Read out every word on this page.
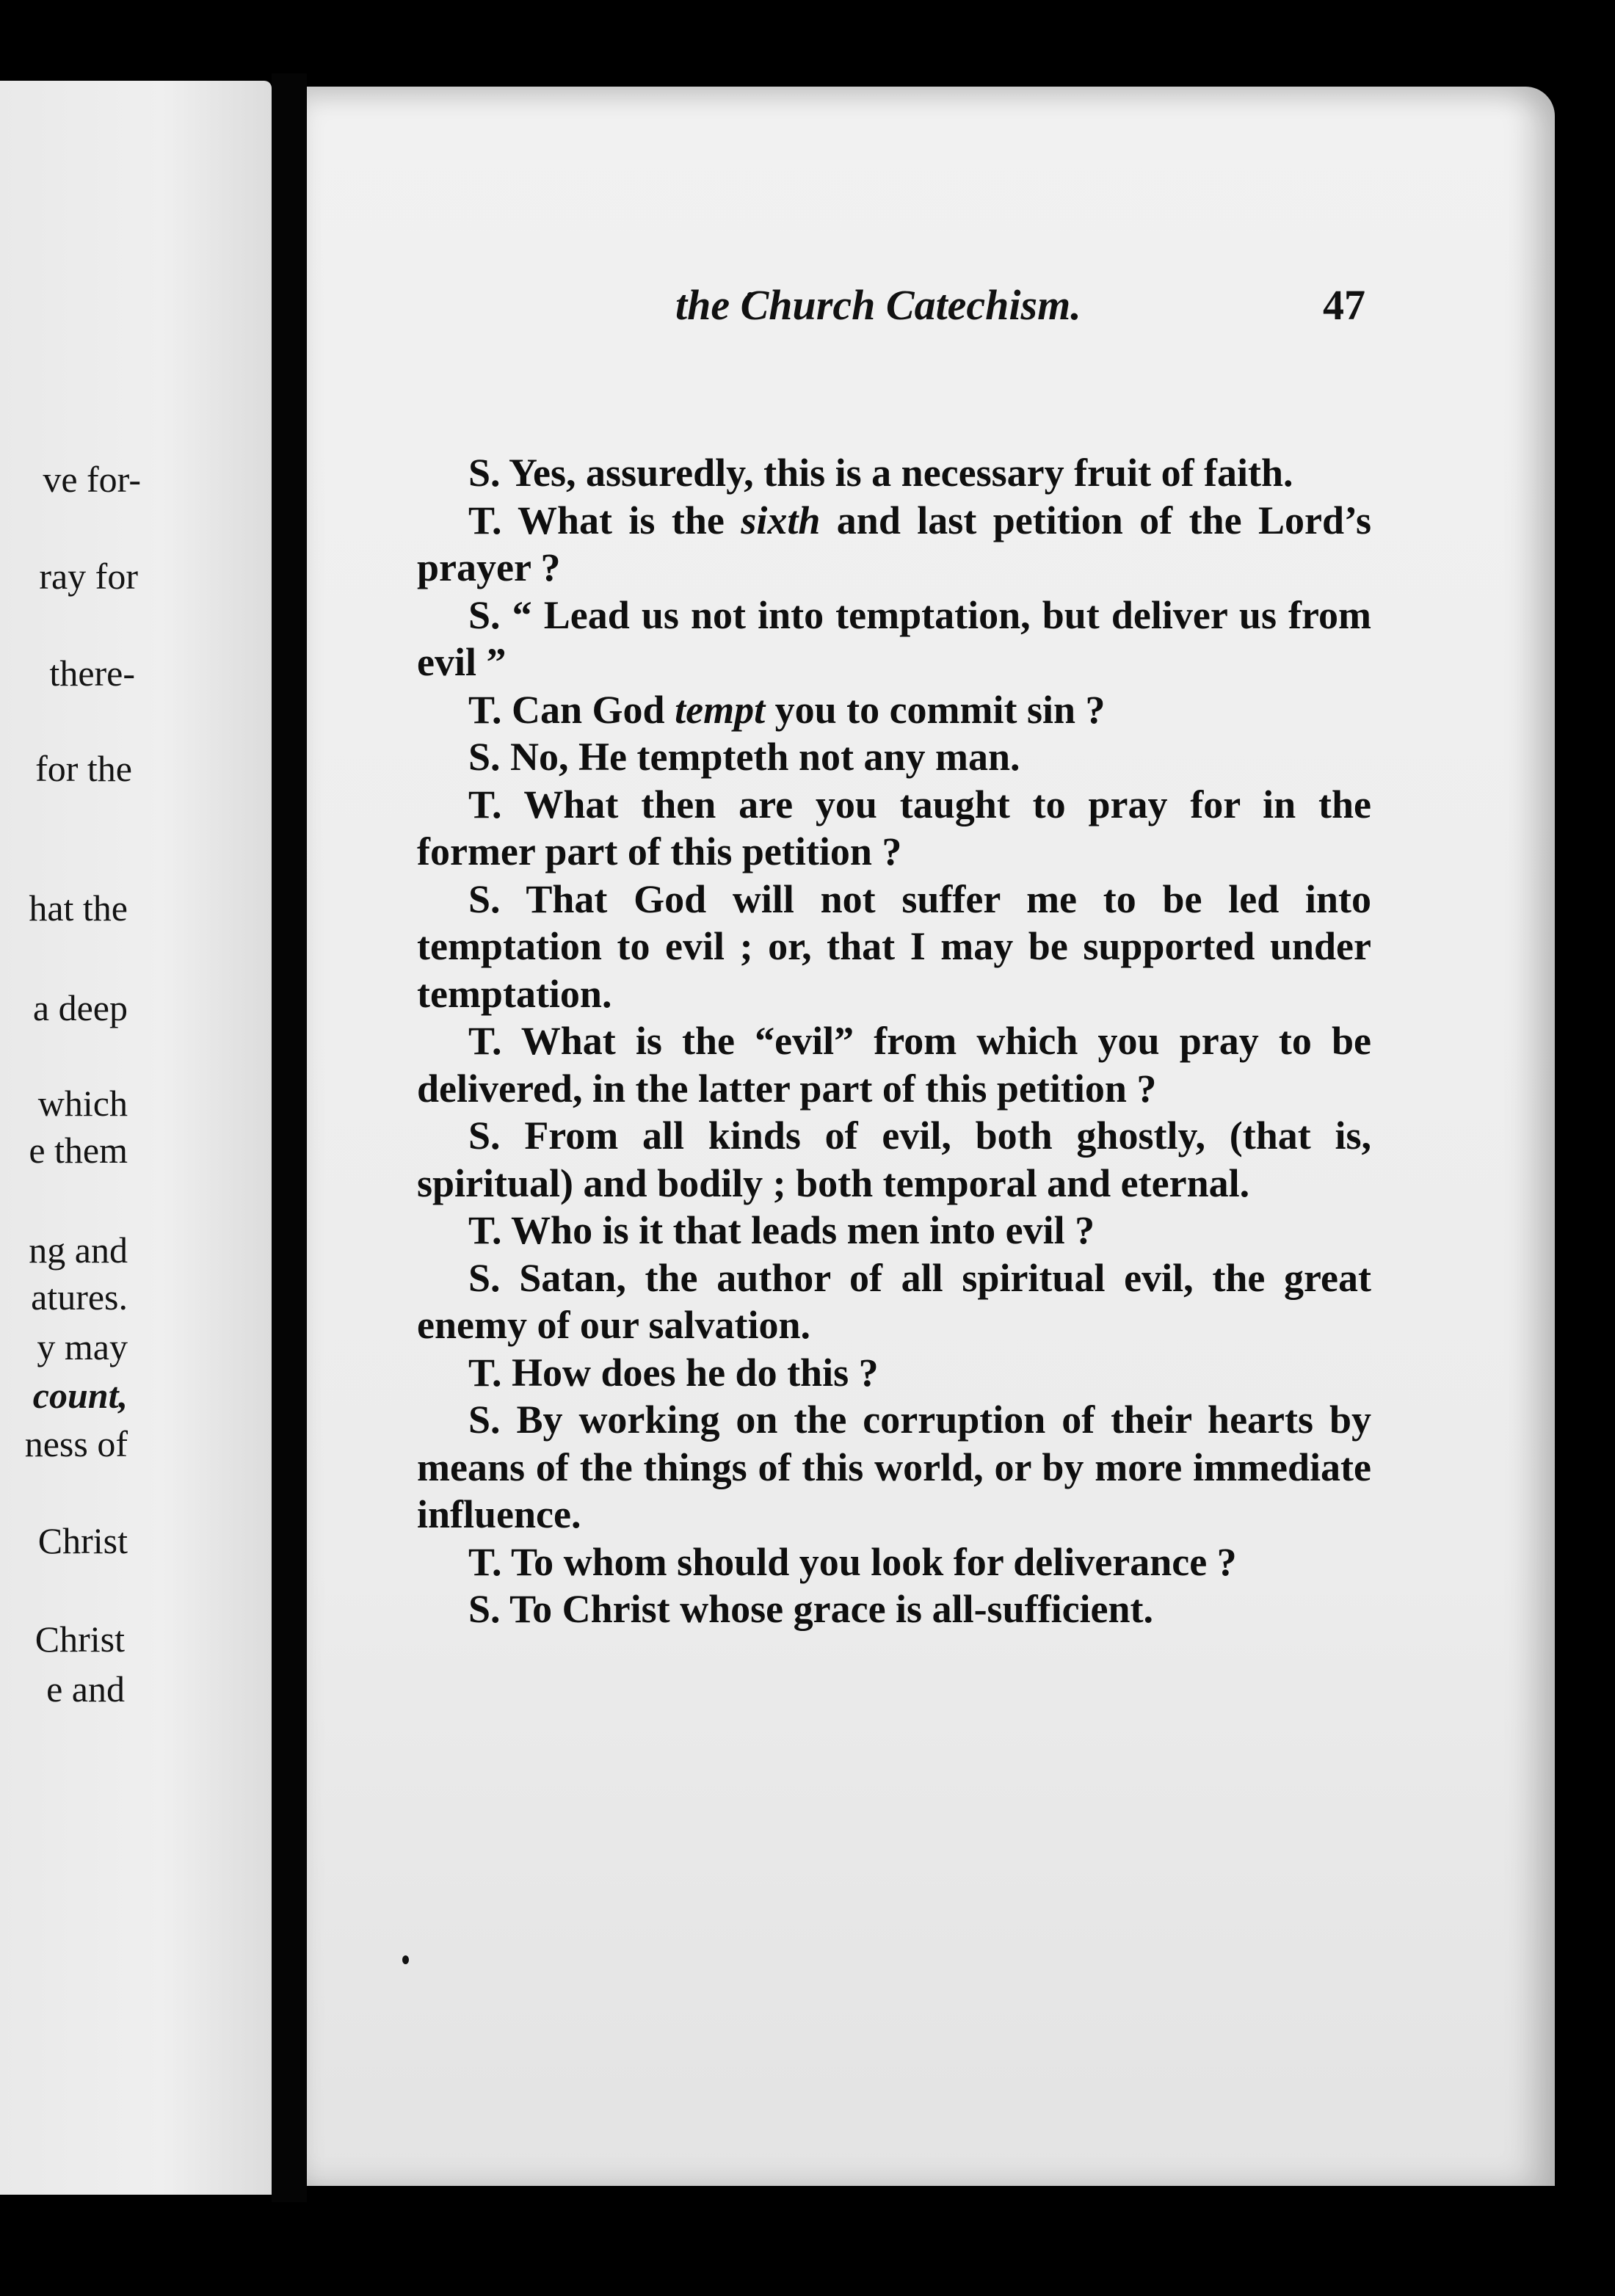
ve for-
ray for
there-
for the
hat the
a deep
which
e them
ng and
atures.
y may
count,
ness of
Christ
Christ
e and
the Church Catechism.	47

S. Yes, assuredly, this is a necessary fruit of faith.

T. What is the sixth and last petition of the Lord’s prayer ?

S. “ Lead us not into temptation, but deliver us from evil ”

T. Can God tempt you to commit sin ?

S. No, He tempteth not any man.

T. What then are you taught to pray for in the former part of this petition ?

S. That God will not suffer me to be led into temptation to evil ; or, that I may be supported under temptation.

T. What is the “evil” from which you pray to be delivered, in the latter part of this petition ?

S. From all kinds of evil, both ghostly, (that is, spiritual) and bodily ; both temporal and eternal.

T. Who is it that leads men into evil ?

S. Satan, the author of all spiritual evil, the great enemy of our salvation.

T. How does he do this ?

S. By working on the corruption of their hearts by means of the things of this world, or by more immediate influence.

T. To whom should you look for deliverance ?

S. To Christ whose grace is all-sufficient.
